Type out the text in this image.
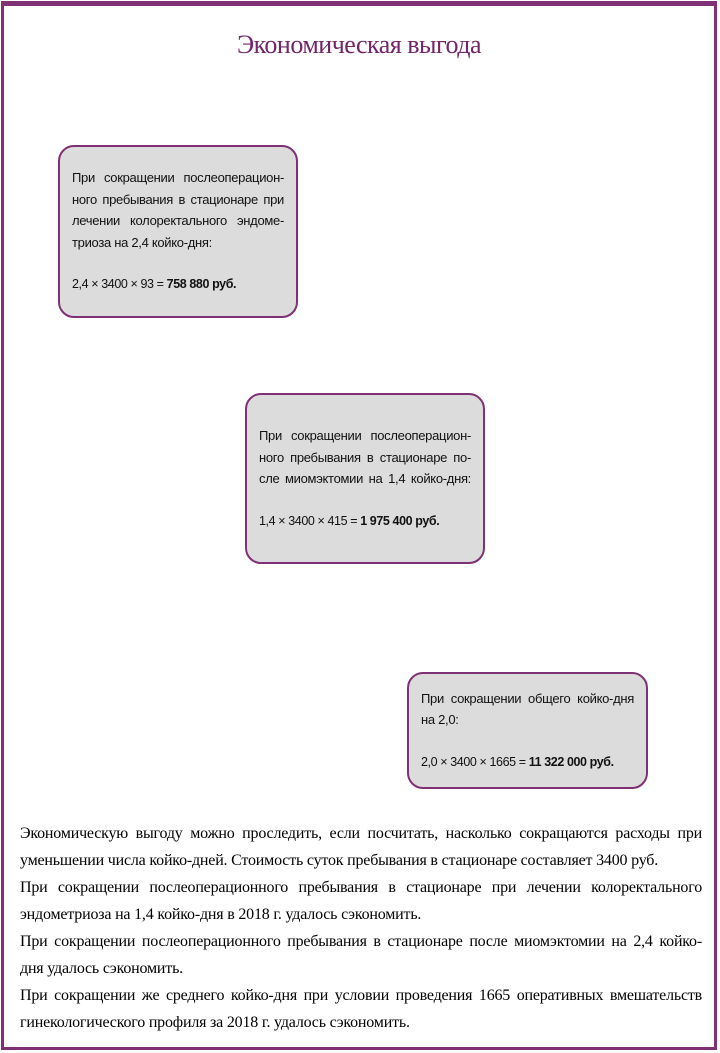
Экономическая выгода
При сокращении послеоперацион-
ного пребывания в стационаре при
лечении колоректального эндоме-
триоза на 2,4 койко-дня:
2,4 × 3400 × 93 = 758 880 руб.
При сокращении послеоперацион-
ного пребывания в стационаре по-
сле миомэктомии на 1,4 койко-дня:
1,4 × 3400 × 415 = 1 975 400 руб.
При сокращении общего койко-дня
на 2,0:
2,0 × 3400 × 1665 = 11 322 000 руб.
Экономическую выгоду можно проследить, если посчитать, насколько сокращаются расходы при
уменьшении числа койко-дней. Стоимость суток пребывания в стационаре составляет 3400 руб.
При сокращении послеоперационного пребывания в стационаре при лечении колоректального
эндометриоза на 1,4 койко-дня в 2018 г. удалось сэкономить.
При сокращении послеоперационного пребывания в стационаре после миомэктомии на 2,4 койко-
дня удалось сэкономить.
При сокращении же среднего койко-дня при условии проведения 1665 оперативных вмешательств
гинекологического профиля за 2018 г. удалось сэкономить.
